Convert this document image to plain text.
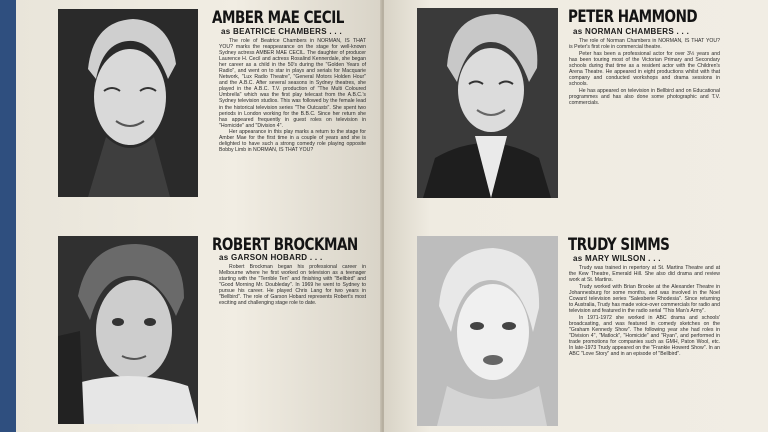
AMBER MAE CECIL
as BEATRICE CHAMBERS . . .

The role of Beatrice Chambers in NORMAN, IS THAT YOU? marks the reappearance on the stage for well-known Sydney actress AMBER MAE CECIL. The daughter of producer Laurence H. Cecil and actress Rosalind Kennerdale, she began her career as a child in the 50's during the "Golden Years of Radio", and went on to star in plays and serials for Macquarie Network, "Lux Radio Theatre", "General Motors Holden Hour" and the A.B.C. After several seasons in Sydney theatres, she played in the A.B.C. T.V. production of "The Multi Coloured Umbrella" which was the first play telecast from the A.B.C.'s Sydney television studios. This was followed by the female lead in the historical television series "The Outcasts". She spent two periods in London working for the B.B.C. Since her return she has appeared frequently in guest roles on television in "Homicide" and "Division 4".

Her appearance in this play marks a return to the stage for Amber Mae for the first time in a couple of years and she is delighted to have such a strong comedy role playing opposite Bobby Limb in NORMAN, IS THAT YOU?

ROBERT BROCKMAN
as GARSON HOBARD . . .

Robert Brockman began his professional career in Melbourne where he first worked on television as a teenager starting with the "Terrible Ten" and finishing with "Bellbird" and "Good Morning Mr. Doubleday". In 1969 he went to Sydney to pursue his career. He played Chris Lang for two years in "Bellbird". The role of Garson Hobard represents Robert's most exciting and challenging stage role to date.

PETER HAMMOND
as NORMAN CHAMBERS . . .

The role of Norman Chambers in NORMAN, IS THAT YOU? is Peter's first role in commercial theatre.

Peter has been a professional actor for over 3½ years and has been touring most of the Victorian Primary and Secondary schools during that time as a resident actor with the Children's Arena Theatre. He appeared in eight productions whilst with that company and conducted workshops and drama sessions in schools.

He has appeared on television in Bellbird and on Educational programmes and has also done some photographic and T.V. commercials.

TRUDY SIMMS
as MARY WILSON . . .

Trudy was trained in repertory at St. Martins Theatre and at the Kew Theatre, Emerald Hill. She also did drama and review work at St. Martins.

Trudy worked with Brian Brooke at the Alexander Theatre in Johannesburg for some months, and was involved in the Noel Coward television series "Salesberie Rhodesia". Since returning to Australia, Trudy has made voice-over commercials for radio and television and featured in the radio serial "This Man's Army".

In 1971-1972 she worked in ABC drama and schools' broadcasting, and was featured in comedy sketches on the "Graham Kennedy Show". The following year she had roles in "Division 4", "Matlock", "Homicide" and "Ryan", and performed in trade promotions for companies such as GMH, Paton Wool, etc. In late-1973 Trudy appeared on the "Frankie Howerd Show". In an ABC "Love Story" and in an episode of "Bellbird".
